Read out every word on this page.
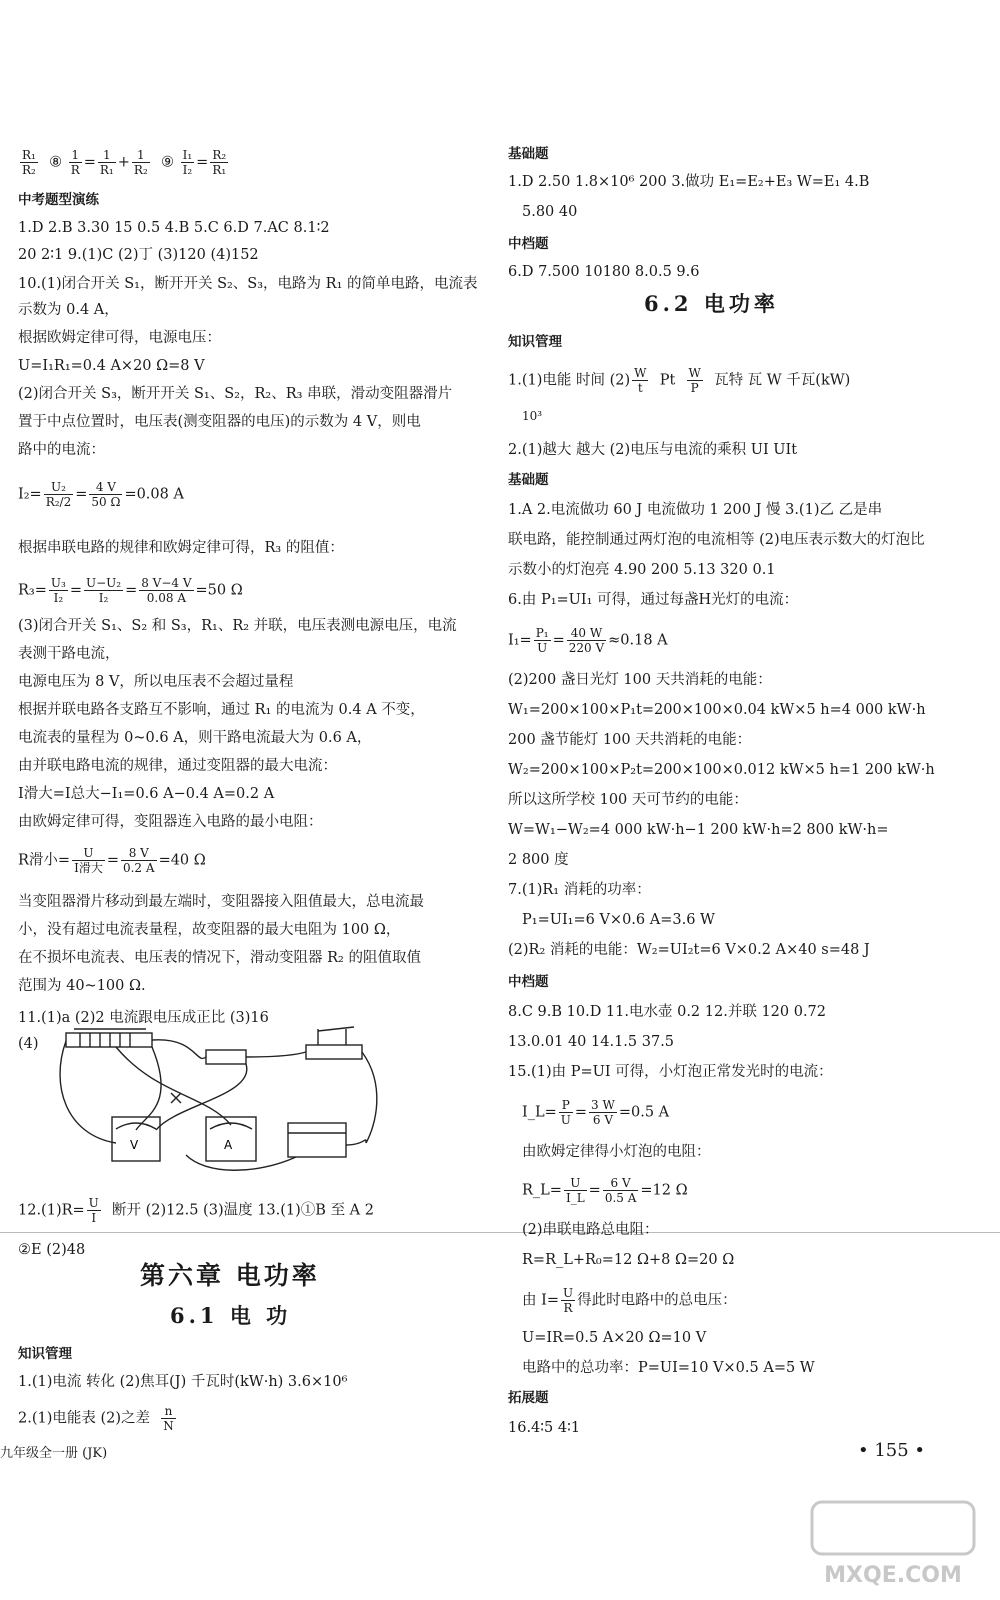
$\frac{\text{R₁}}{\text{R₂}}$ ⑧ $\frac{1}{R} = \frac{1}{\text{R₁}} + \frac{1}{\text{R₂}}$ ⑨ $\frac{\text{I₁}}{\text{I₂}} = \frac{\text{R₂}}{\text{R₁}}$
中考题型演练
1.D 2.B 3.30 15 0.5 4.B 5.C 6.D 7.AC 8.1∶2
20 2∶1 9.(1)C (2)丁 (3)120 (4)152
10.(1)闭合开关 S₁，断开开关 S₂、S₃，电路为 R₁ 的简单电路，电流表
示数为 0.4 A，
根据欧姆定律可得，电源电压：
U=I₁R₁=0.4 A×20 Ω=8 V
(2)闭合开关 S₃，断开开关 S₁、S₂，R₂、R₃ 串联，滑动变阻器滑片
置于中点位置时，电压表(测变阻器的电压)的示数为 4 V，则电
路中的电流：
$I_2= \frac{\text{U₂}}{\text{R₂/2}} = \frac{4 V}{50 \Omega} =0.08$ A
根据串联电路的规律和欧姆定律可得，R₃ 的阻值：
$R_3= \frac{\text{U₃}}{\text{I₂}} = \frac{\text{U−U₂}}{\text{I₂}} = \frac{8 V-4 V}{0.08 A} =50$ Ω
(3)闭合开关 S₁、S₂ 和 S₃，R₁、R₂ 并联，电压表测电源电压，电流
表测干路电流，
电源电压为 8 V，所以电压表不会超过量程
根据并联电路各支路互不影响，通过 R₁ 的电流为 0.4 A 不变，
电流表的量程为 0~0.6 A，则干路电流最大为 0.6 A，
由并联电路电流的规律，通过变阻器的最大电流：
I滑大=I总大−I₁=0.6 A−0.4 A=0.2 A
由欧姆定律可得，变阻器连入电路的最小电阻：
R滑小= $\frac{U}{\text{I滑大}} = \frac{8 V}{0.2 A} =40$ Ω
当变阻器滑片移动到最左端时，变阻器接入阻值最大，总电流最
小，没有超过电流表量程，故变阻器的最大电阻为 100 Ω，
在不损坏电流表、电压表的情况下，滑动变阻器 R₂ 的阻值取值
范围为 40~100 Ω.
11.(1)a (2)2 电流跟电压成正比 (3)16
(4)
V	A
$12.(1)R= \frac{U}{I}$ 断开 (2)12.5 (3)温度 13.(1)①B 至 A 2
②E (2)48
第六章 电功率
6.1 电 功
知识管理
1.(1)电流 转化 (2)焦耳(J) 千瓦时(kW·h) 3.6×10⁶
2.(1)电能表 (2)之差 $\frac{n}{N}$
基础题
1.D 2.50 1.8×10⁶ 200 3.做功 E₁=E₂+E₃ W=E₁ 4.B
5.80 40
中档题
6.D 7.500 10180 8.0.5 9.6
6.2 电功率
知识管理
1.(1)电能 时间 $(2) \frac{W}{t}$ Pt $\frac{W}{P}$ 瓦特 瓦 W 千瓦(kW)
10³
2.(1)越大 越大 (2)电压与电流的乘积 UI UIt
基础题
1.A 2.电流做功 60 J 电流做功 1 200 J 慢 3.(1)乙 乙是串
联电路，能控制通过两灯泡的电流相等 (2)电压表示数大的灯泡比
示数小的灯泡亮 4.90 200 5.13 320 0.1
6.由 P₁=UI₁ 可得，通过每盏H光灯的电流：
$I_1= \frac{\text{P₁}}{U} = \frac{40 W}{220 V} \approx 0.18$ A
(2)200 盏日光灯 100 天共消耗的电能：
W₁=200×100×P₁t=200×100×0.04 kW×5 h=4 000 kW·h
200 盏节能灯 100 天共消耗的电能：
W₂=200×100×P₂t=200×100×0.012 kW×5 h=1 200 kW·h
所以这所学校 100 天可节约的电能：
W=W₁−W₂=4 000 kW·h−1 200 kW·h=2 800 kW·h=
2 800 度
7.(1)R₁ 消耗的功率：
P₁=UI₁=6 V×0.6 A=3.6 W
(2)R₂ 消耗的电能：W₂=UI₂t=6 V×0.2 A×40 s=48 J
中档题
8.C 9.B 10.D 11.电水壶 0.2 12.并联 120 0.72
13.0.01 40 14.1.5 37.5
15.(1)由 P=UI 可得，小灯泡正常发光时的电流：
I_L= $\frac{P}{U} = \frac{3 W}{6 V} =0.5$ A
由欧姆定律得小灯泡的电阻：
R_L= $\frac{U}{I\_L} = \frac{6 V}{0.5 A} =12$ Ω
(2)串联电路总电阻：
R=R_L+R₀=12 Ω+8 Ω=20 Ω
由 $I= \frac{U}{R}$ 得此时电路中的总电压：
U=IR=0.5 A×20 Ω=10 V
电路中的总功率：P=UI=10 V×0.5 A=5 W
拓展题
16.4∶5 4∶1
九年级全一册 (JK)	• 155 •
MXQE.COM
